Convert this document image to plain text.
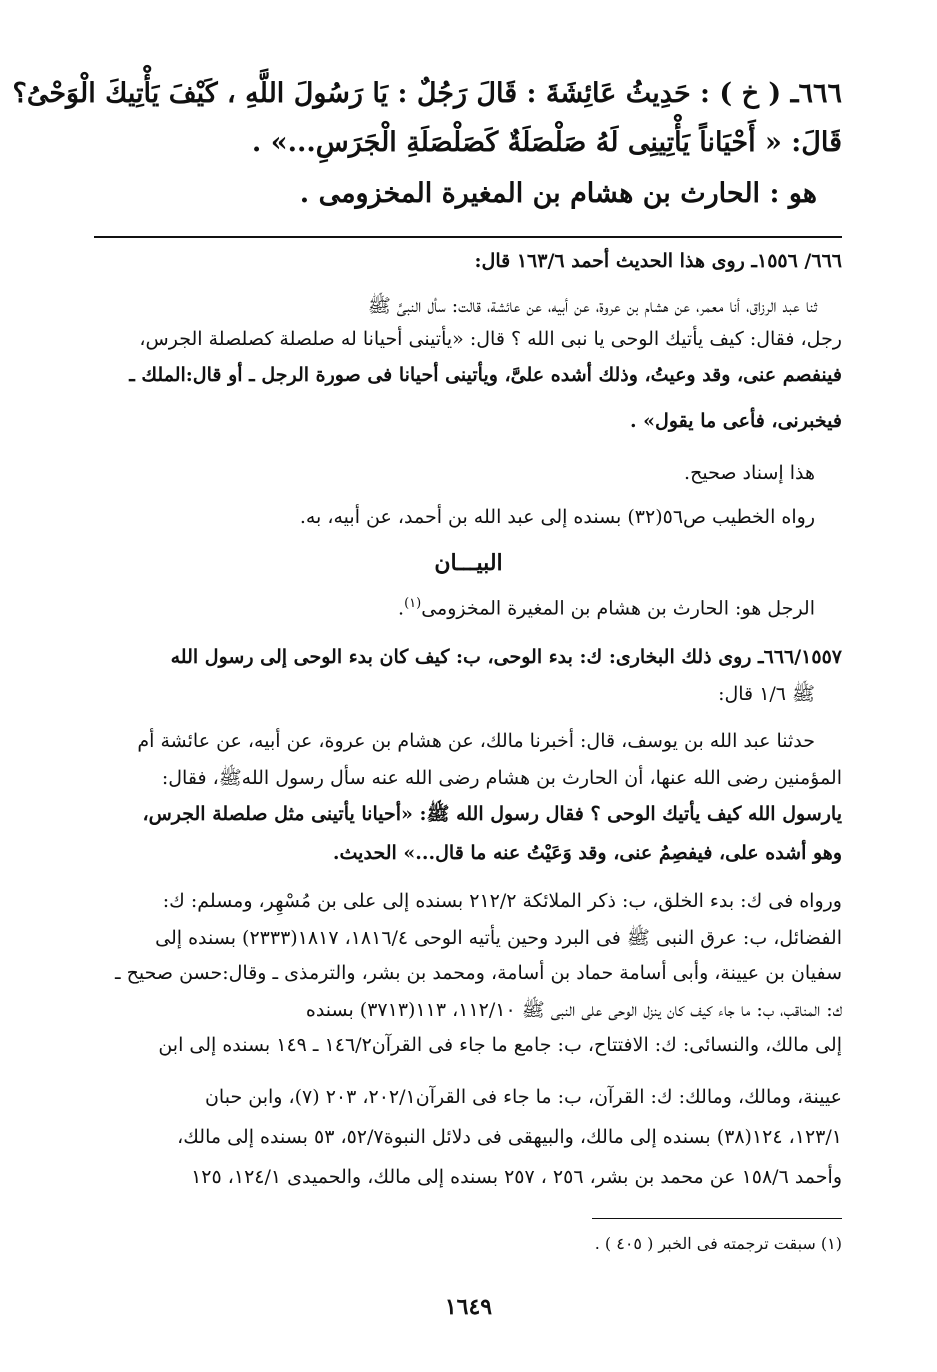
٦٦٦ـ ( خ ) : حَدِيثُ عَائِشَةَ : قَالَ رَجُلٌ : يَا رَسُولَ اللَّهِ ، كَيْفَ يَأْتِيكَ الْوَحْىُ؟
قَالَ: « أَحْيَاناً يَأْتِينِى لَهُ صَلْصَلَةٌ كَصَلْصَلَةِ الْجَرَسِ...» .
هو : الحارث بن هشام بن المغيرة المخزومى .
٦٦٦/ ١٥٥٦ـ روى هذا الحديث أحمد ١٦٣/٦ قال:
ثنا عبد الرزاق، أنا معمر، عن هشام بن عروة، عن أبيه، عن عائشة، قالت: سأل النبىَّ ﷺ
رجل، فقال: كيف يأتيك الوحى يا نبى الله ؟ قال: «يأتينى أحيانا له صلصلة كصلصلة الجرس،
فينفصم عنى، وقد وعيتُ، وذلك أشده علىَّ، ويأتينى أحيانا فى صورة الرجل ـ أو قال:الملك ـ
فيخبرنى، فأعى ما يقول» .
هذا إسناد صحيح.
رواه الخطيب ص٥٦(٣٢) بسنده إلى عبد الله بن أحمد، عن أبيه، به.
البيـــان
الرجل هو: الحارث بن هشام بن المغيرة المخزومى$^{(١)}$.
٦٦٦/١٥٥٧ـ روى ذلك البخارى: ك: بدء الوحى، ب: كيف كان بدء الوحى إلى رسول الله
ﷺ ١/٦ قال:
حدثنا عبد الله بن يوسف، قال: أخبرنا مالك، عن هشام بن عروة، عن أبيه، عن عائشة أم
المؤمنين رضى الله عنها، أن الحارث بن هشام رضى الله عنه سأل رسول اللهﷺ، فقال:
يارسول الله كيف يأتيك الوحى ؟ فقال رسول الله ﷺ: «أحيانا يأتينى مثل صلصلة الجرس،
وهو أشده على، فيفصِمُ عنى، وقد وَعَيْتُ عنه ما قال...» الحديث.
ورواه فى ك: بدء الخلق، ب: ذكر الملائكة ٢١٢/٢ بسنده إلى على بن مُسْهِر، ومسلم: ك:
الفضائل، ب: عرق النبى ﷺ فى البرد وحين يأتيه الوحى ١٨١٦/٤، ١٨١٧(٢٣٣٣) بسنده إلى
سفيان بن عيينة، وأبى أسامة حماد بن أسامة، ومحمد بن بشر، والترمذى ـ وقال:حسن صحيح ـ
ك: المناقب، ب: ما جاء كيف كان ينزل الوحى على النبى ﷺ ١١٢/١٠، ١١٣(٣٧١٣) بسنده
إلى مالك، والنسائى: ك: الافتتاح، ب: جامع ما جاء فى القرآن١٤٦/٢ ـ ١٤٩ بسنده إلى ابن
عيينة، ومالك، ومالك: ك: القرآن، ب: ما جاء فى القرآن٢٠٢/١، ٢٠٣ (٧)، وابن حبان
١٢٣/١، ١٢٤(٣٨) بسنده إلى مالك، والبيهقى فى دلائل النبوة٥٢/٧، ٥٣ بسنده إلى مالك،
وأحمد ١٥٨/٦ عن محمد بن بشر، ٢٥٦ ، ٢٥٧ بسنده إلى مالك، والحميدى ١٢٤/١، ١٢٥
(١) سبقت ترجمته فى الخبر ( ٤٠٥ ) .
١٦٤٩
